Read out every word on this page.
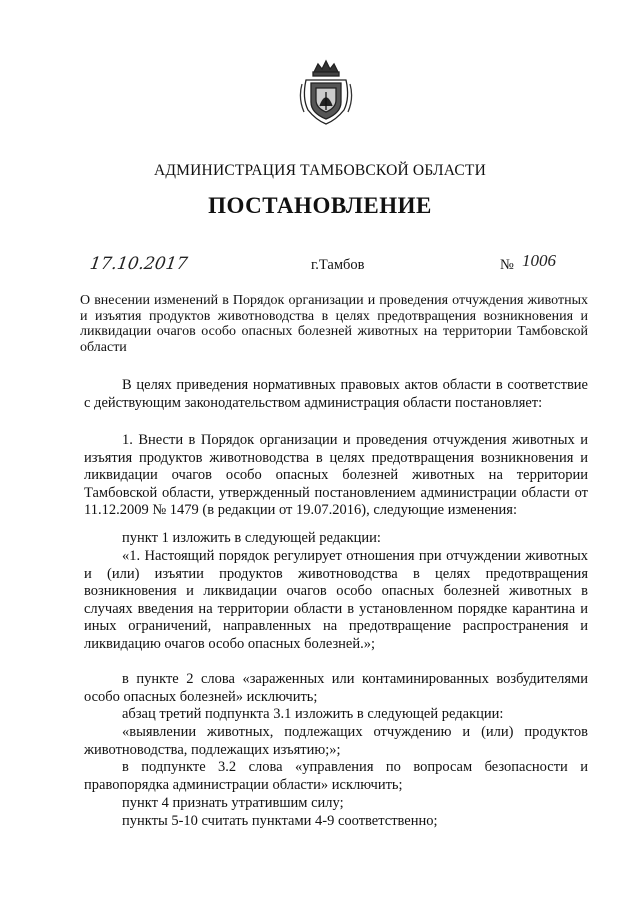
АДМИНИСТРАЦИЯ ТАМБОВСКОЙ ОБЛАСТИ
ПОСТАНОВЛЕНИЕ
17.10.2017	г.Тамбов	№ 1006
О внесении изменений в Порядок организации и проведения отчуждения животных и изъятия продуктов животноводства в целях предотвращения возникновения и ликвидации очагов особо опасных болезней животных на территории Тамбовской области
В целях приведения нормативных правовых актов области в соответствие с действующим законодательством администрация области постановляет:
1. Внести в Порядок организации и проведения отчуждения животных и изъятия продуктов животноводства в целях предотвращения возникновения и ликвидации очагов особо опасных болезней животных на территории Тамбовской области, утвержденный постановлением администрации области от 11.12.2009 № 1479 (в редакции от 19.07.2016), следующие изменения:
пункт 1 изложить в следующей редакции:
«1. Настоящий порядок регулирует отношения при отчуждении животных и (или) изъятии продуктов животноводства в целях предотвращения возникновения и ликвидации очагов особо опасных болезней животных в случаях введения на территории области в установленном порядке карантина и иных ограничений, направленных на предотвращение распространения и ликвидацию очагов особо опасных болезней.»;
в пункте 2 слова «зараженных или контаминированных возбудителями особо опасных болезней» исключить;
абзац третий подпункта 3.1 изложить в следующей редакции:
«выявлении животных, подлежащих отчуждению и (или) продуктов животноводства, подлежащих изъятию;»;
в подпункте 3.2 слова «управления по вопросам безопасности и правопорядка администрации области» исключить;
пункт 4 признать утратившим силу;
пункты 5-10 считать пунктами 4-9 соответственно;
